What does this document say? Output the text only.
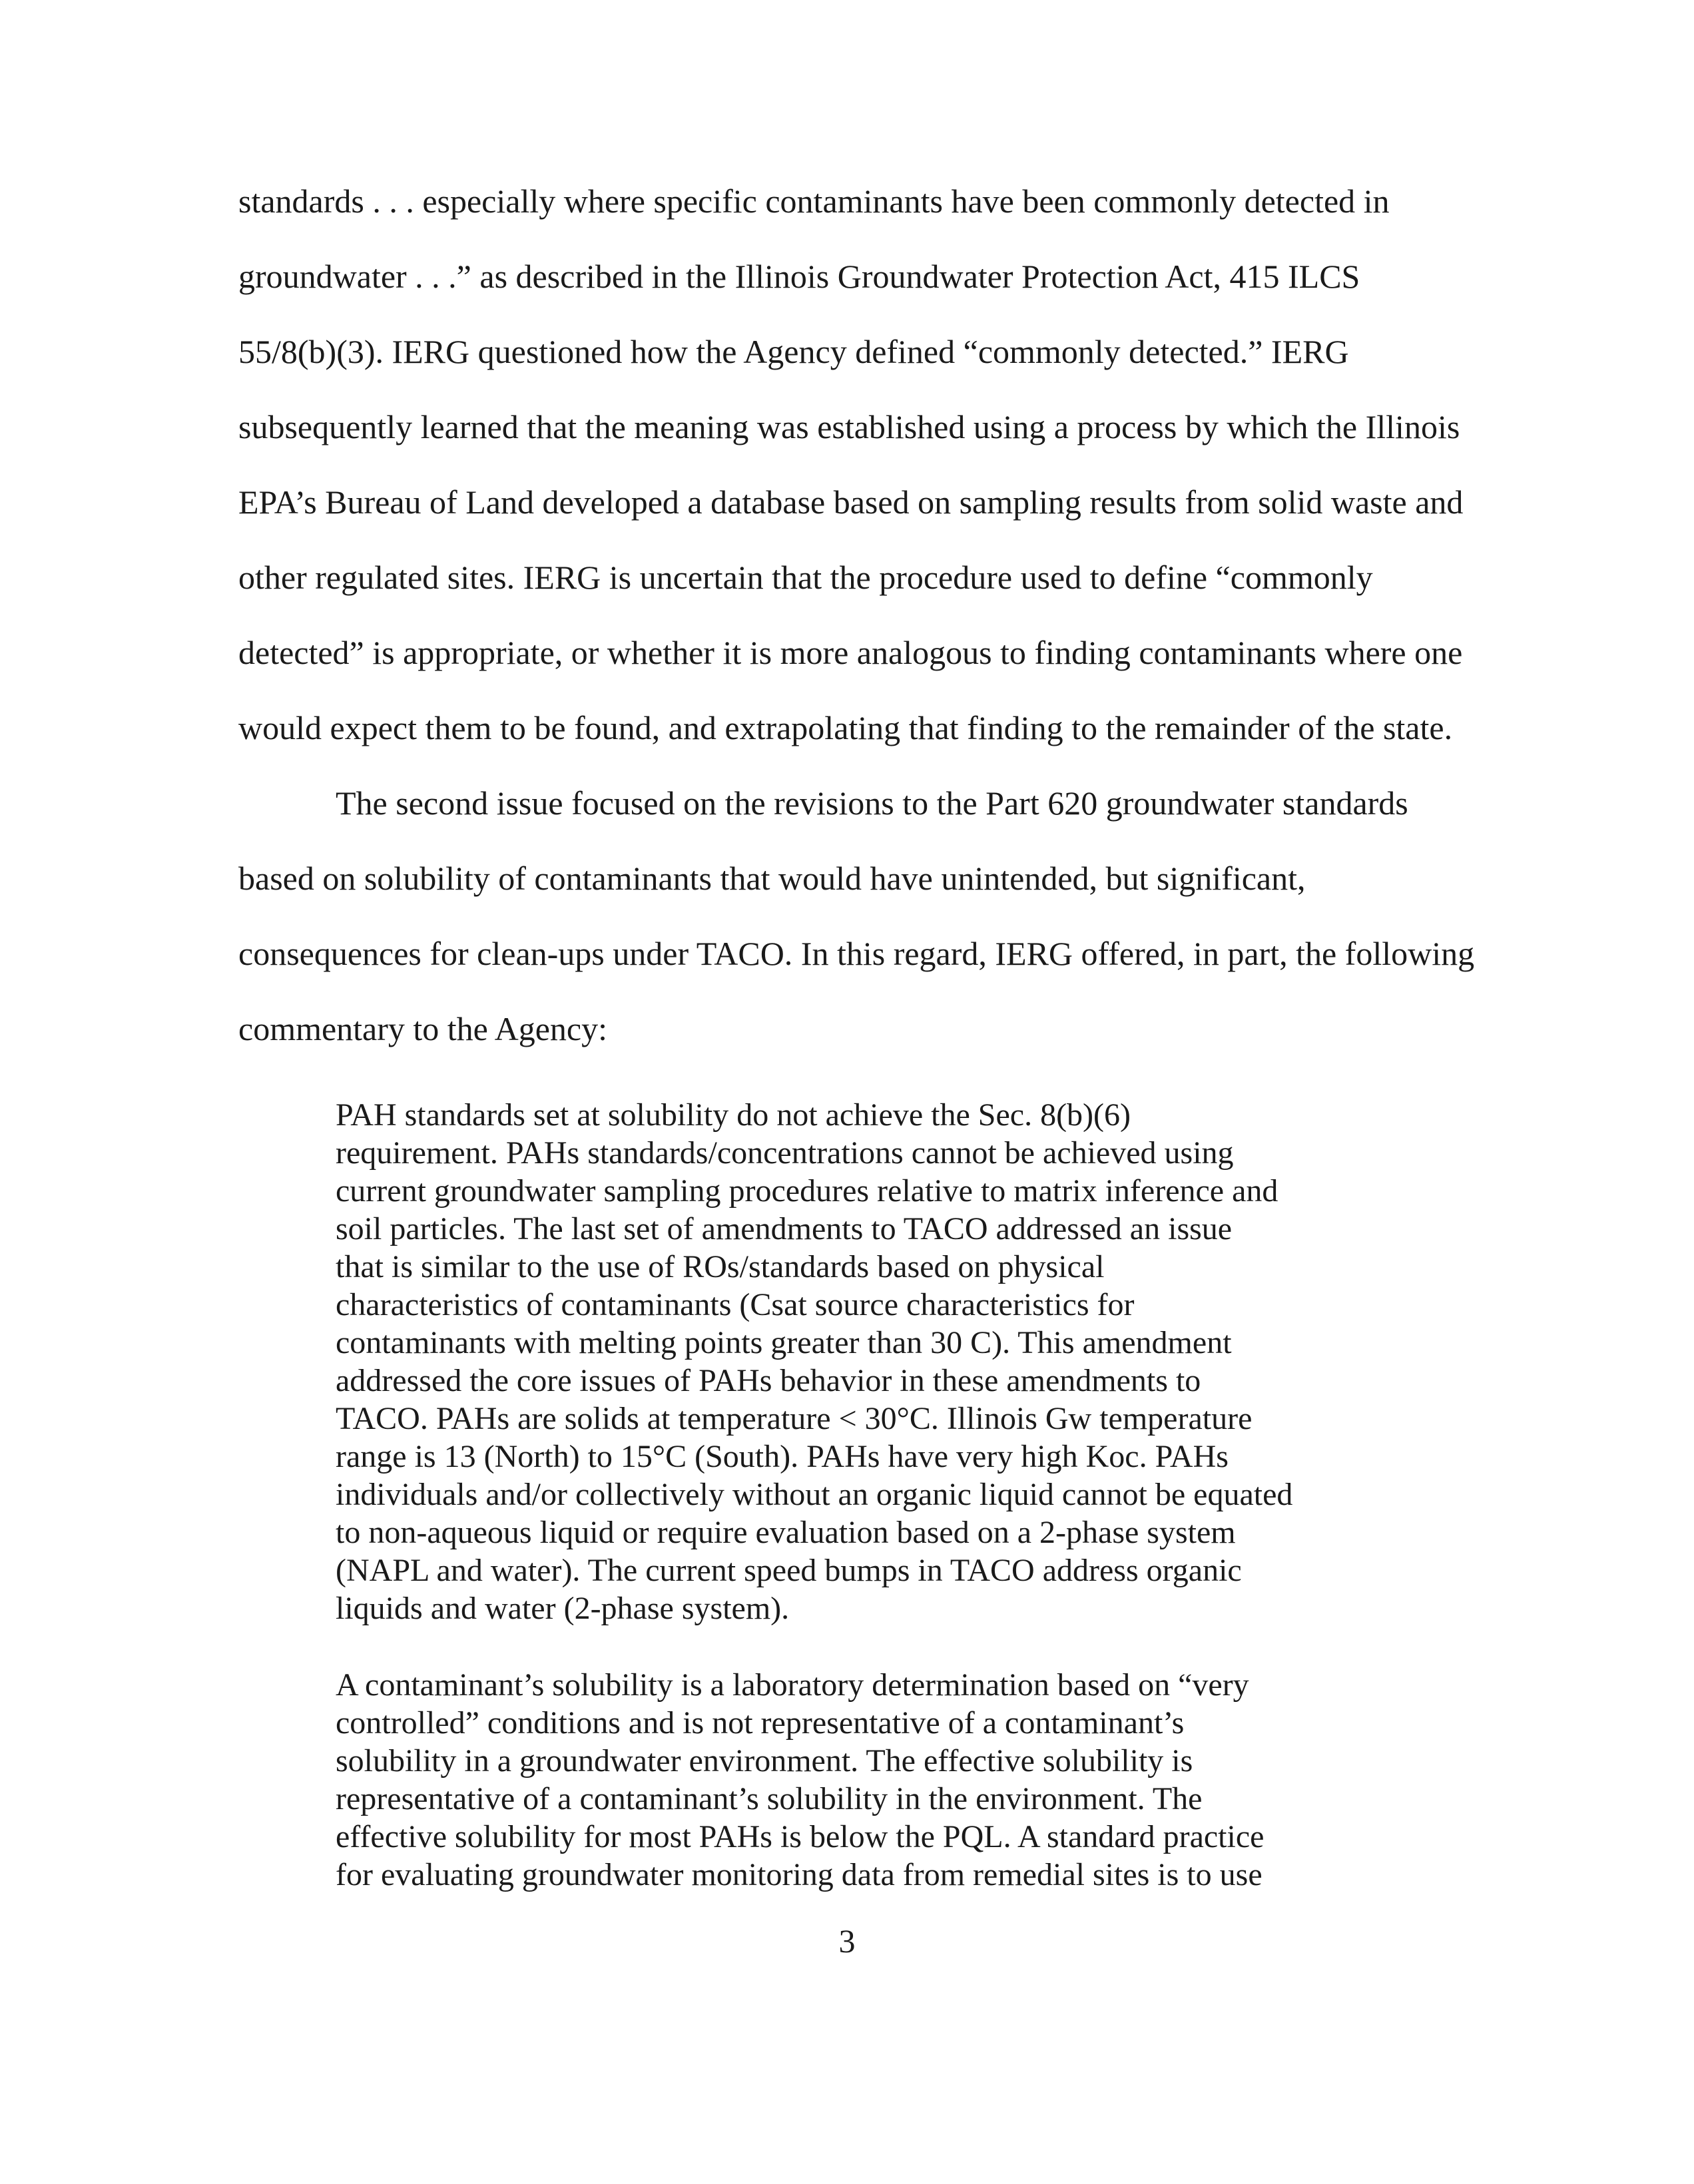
standards . . . especially where specific contaminants have been commonly detected in

groundwater . . .” as described in the Illinois Groundwater Protection Act, 415 ILCS

55/8(b)(3). IERG questioned how the Agency defined “commonly detected.” IERG

subsequently learned that the meaning was established using a process by which the Illinois

EPA’s Bureau of Land developed a database based on sampling results from solid waste and

other regulated sites. IERG is uncertain that the procedure used to define “commonly

detected” is appropriate, or whether it is more analogous to finding contaminants where one

would expect them to be found, and extrapolating that finding to the remainder of the state.

The second issue focused on the revisions to the Part 620 groundwater standards

based on solubility of contaminants that would have unintended, but significant,

consequences for clean-ups under TACO. In this regard, IERG offered, in part, the following

commentary to the Agency:

PAH standards set at solubility do not achieve the Sec. 8(b)(6)

requirement. PAHs standards/concentrations cannot be achieved using

current groundwater sampling procedures relative to matrix inference and

soil particles. The last set of amendments to TACO addressed an issue

that is similar to the use of ROs/standards based on physical

characteristics of contaminants (Csat source characteristics for

contaminants with melting points greater than 30 C). This amendment

addressed the core issues of PAHs behavior in these amendments to

TACO. PAHs are solids at temperature < 30°C. Illinois Gw temperature

range is 13 (North) to 15°C (South). PAHs have very high Koc. PAHs

individuals and/or collectively without an organic liquid cannot be equated

to non-aqueous liquid or require evaluation based on a 2-phase system

(NAPL and water). The current speed bumps in TACO address organic

liquids and water (2-phase system).

A contaminant’s solubility is a laboratory determination based on “very

controlled” conditions and is not representative of a contaminant’s

solubility in a groundwater environment. The effective solubility is

representative of a contaminant’s solubility in the environment. The

effective solubility for most PAHs is below the PQL. A standard practice

for evaluating groundwater monitoring data from remedial sites is to use

3
